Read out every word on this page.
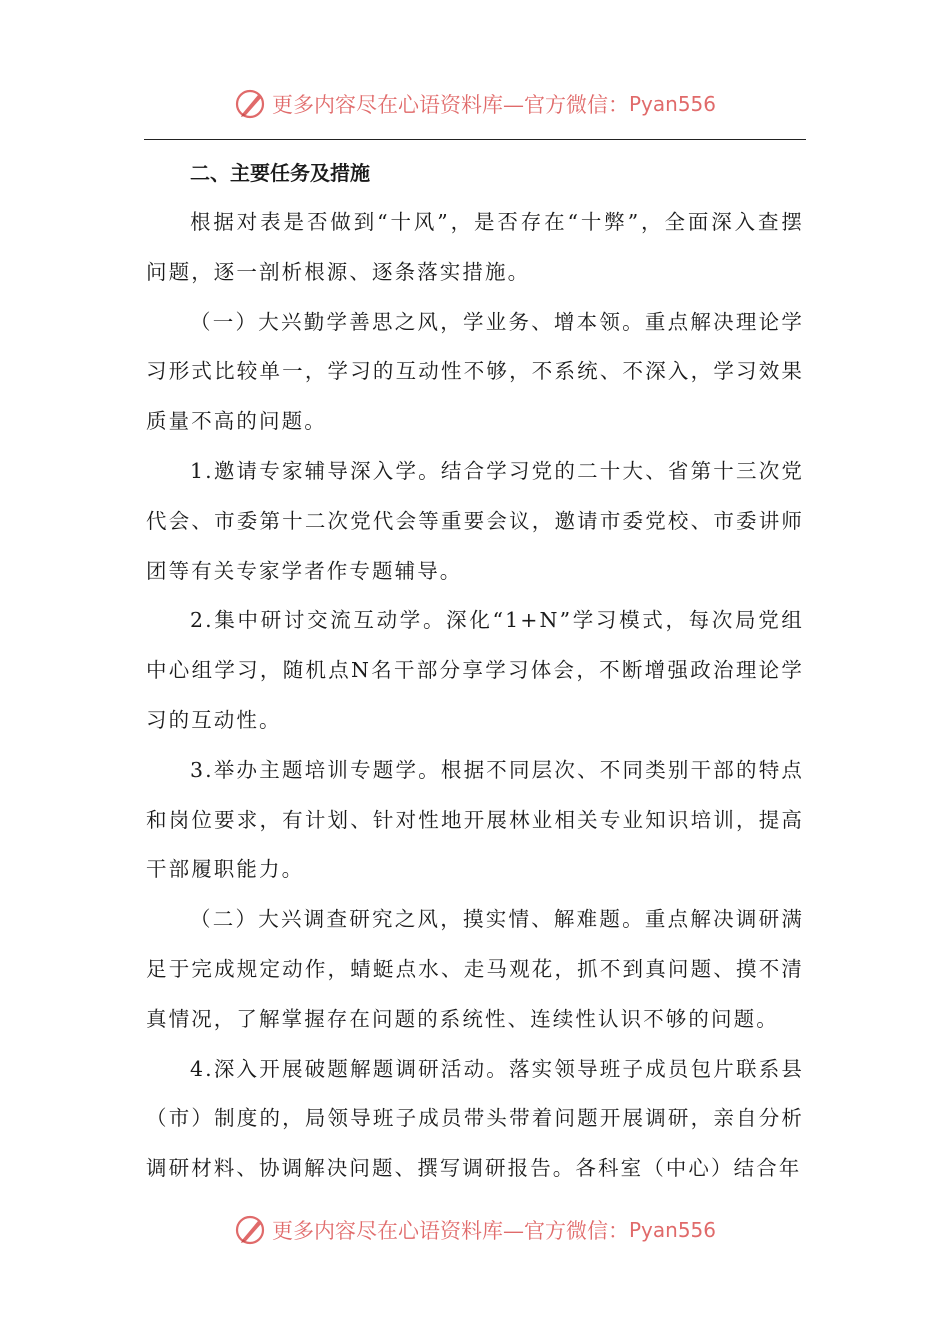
更多内容尽在心语资料库—官方微信： Pyan556
二、主要任务及措施

根据对表是否做到“十风”，是否存在“十弊”，全面深入查摆问题，逐一剖析根源、逐条落实措施。

（一）大兴勤学善思之风，学业务、增本领。重点解决理论学习形式比较单一，学习的互动性不够，不系统、不深入，学习效果质量不高的问题。

1.邀请专家辅导深入学。结合学习党的二十大、省第十三次党代会、市委第十二次党代会等重要会议，邀请市委党校、市委讲师团等有关专家学者作专题辅导。

2.集中研讨交流互动学。深化“1+N”学习模式，每次局党组中心组学习，随机点N名干部分享学习体会，不断增强政治理论学习的互动性。

3.举办主题培训专题学。根据不同层次、不同类别干部的特点和岗位要求，有计划、针对性地开展林业相关专业知识培训，提高干部履职能力。

（二）大兴调查研究之风，摸实情、解难题。重点解决调研满足于完成规定动作，蜻蜓点水、走马观花，抓不到真问题、摸不清真情况，了解掌握存在问题的系统性、连续性认识不够的问题。

4.深入开展破题解题调研活动。落实领导班子成员包片联系县（市）制度的，局领导班子成员带头带着问题开展调研，亲自分析调研材料、协调解决问题、撰写调研报告。各科室（中心）结合年

更多内容尽在心语资料库—官方微信： Pyan556
